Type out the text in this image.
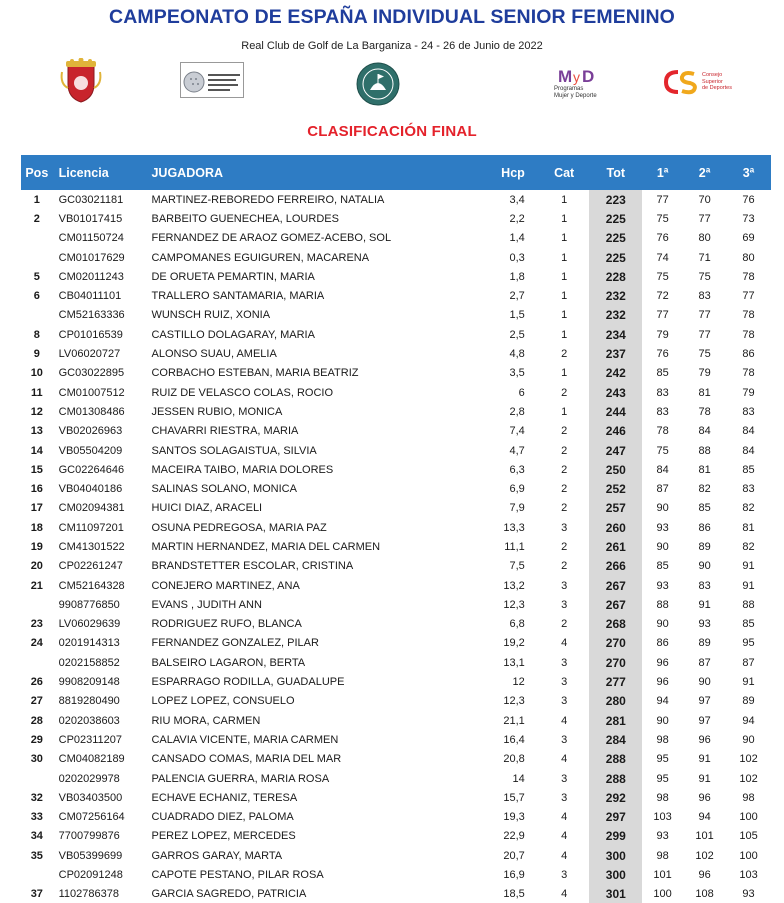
CAMPEONATO DE ESPAÑA INDIVIDUAL SENIOR FEMENINO
Real Club de Golf de La Barganiza - 24 - 26 de Junio de 2022
M y D
Programas
Mujer y Deporte
Consejo
Superior
de Deportes
CLASIFICACIÓN FINAL
Pos	Licencia	JUGADORA	Hcp	Cat	Tot	1ª	2ª	3ª
1	GC03021181	MARTINEZ-REBOREDO FERREIRO, NATALIA	3,4	1	223	77	70	76
2	VB01017415	BARBEITO GUENECHEA, LOURDES	2,2	1	225	75	77	73
	CM01150724	FERNANDEZ DE ARAOZ GOMEZ-ACEBO, SOL	1,4	1	225	76	80	69
	CM01017629	CAMPOMANES EGUIGUREN, MACARENA	0,3	1	225	74	71	80
5	CM02011243	DE ORUETA PEMARTIN, MARIA	1,8	1	228	75	75	78
6	CB04011101	TRALLERO SANTAMARIA, MARIA	2,7	1	232	72	83	77
	CM52163336	WUNSCH RUIZ, XONIA	1,5	1	232	77	77	78
8	CP01016539	CASTILLO DOLAGARAY, MARIA	2,5	1	234	79	77	78
9	LV06020727	ALONSO SUAU, AMELIA	4,8	2	237	76	75	86
10	GC03022895	CORBACHO ESTEBAN, MARIA BEATRIZ	3,5	1	242	85	79	78
11	CM01007512	RUIZ DE VELASCO COLAS, ROCIO	6	2	243	83	81	79
12	CM01308486	JESSEN RUBIO, MONICA	2,8	1	244	83	78	83
13	VB02026963	CHAVARRI RIESTRA, MARIA	7,4	2	246	78	84	84
14	VB05504209	SANTOS SOLAGAISTUA, SILVIA	4,7	2	247	75	88	84
15	GC02264646	MACEIRA TAIBO, MARIA DOLORES	6,3	2	250	84	81	85
16	VB04040186	SALINAS SOLANO, MONICA	6,9	2	252	87	82	83
17	CM02094381	HUICI DIAZ, ARACELI	7,9	2	257	90	85	82
18	CM11097201	OSUNA PEDREGOSA, MARIA PAZ	13,3	3	260	93	86	81
19	CM41301522	MARTIN HERNANDEZ, MARIA DEL CARMEN	11,1	2	261	90	89	82
20	CP02261247	BRANDSTETTER ESCOLAR, CRISTINA	7,5	2	266	85	90	91
21	CM52164328	CONEJERO MARTINEZ, ANA	13,2	3	267	93	83	91
	9908776850	EVANS , JUDITH ANN	12,3	3	267	88	91	88
23	LV06029639	RODRIGUEZ RUFO, BLANCA	6,8	2	268	90	93	85
24	0201914313	FERNANDEZ GONZALEZ, PILAR	19,2	4	270	86	89	95
	0202158852	BALSEIRO LAGARON, BERTA	13,1	3	270	96	87	87
26	9908209148	ESPARRAGO RODILLA, GUADALUPE	12	3	277	96	90	91
27	8819280490	LOPEZ LOPEZ, CONSUELO	12,3	3	280	94	97	89
28	0202038603	RIU MORA, CARMEN	21,1	4	281	90	97	94
29	CP02311207	CALAVIA VICENTE, MARIA CARMEN	16,4	3	284	98	96	90
30	CM04082189	CANSADO COMAS, MARIA DEL MAR	20,8	4	288	95	91	102
	0202029978	PALENCIA GUERRA, MARIA ROSA	14	3	288	95	91	102
32	VB03403500	ECHAVE ECHANIZ, TERESA	15,7	3	292	98	96	98
33	CM07256164	CUADRADO DIEZ, PALOMA	19,3	4	297	103	94	100
34	7700799876	PEREZ LOPEZ, MERCEDES	22,9	4	299	93	101	105
35	VB05399699	GARROS GARAY, MARTA	20,7	4	300	98	102	100
	CP02091248	CAPOTE PESTANO, PILAR ROSA	16,9	3	300	101	96	103
37	1102786378	GARCIA SAGREDO, PATRICIA	18,5	4	301	100	108	93
